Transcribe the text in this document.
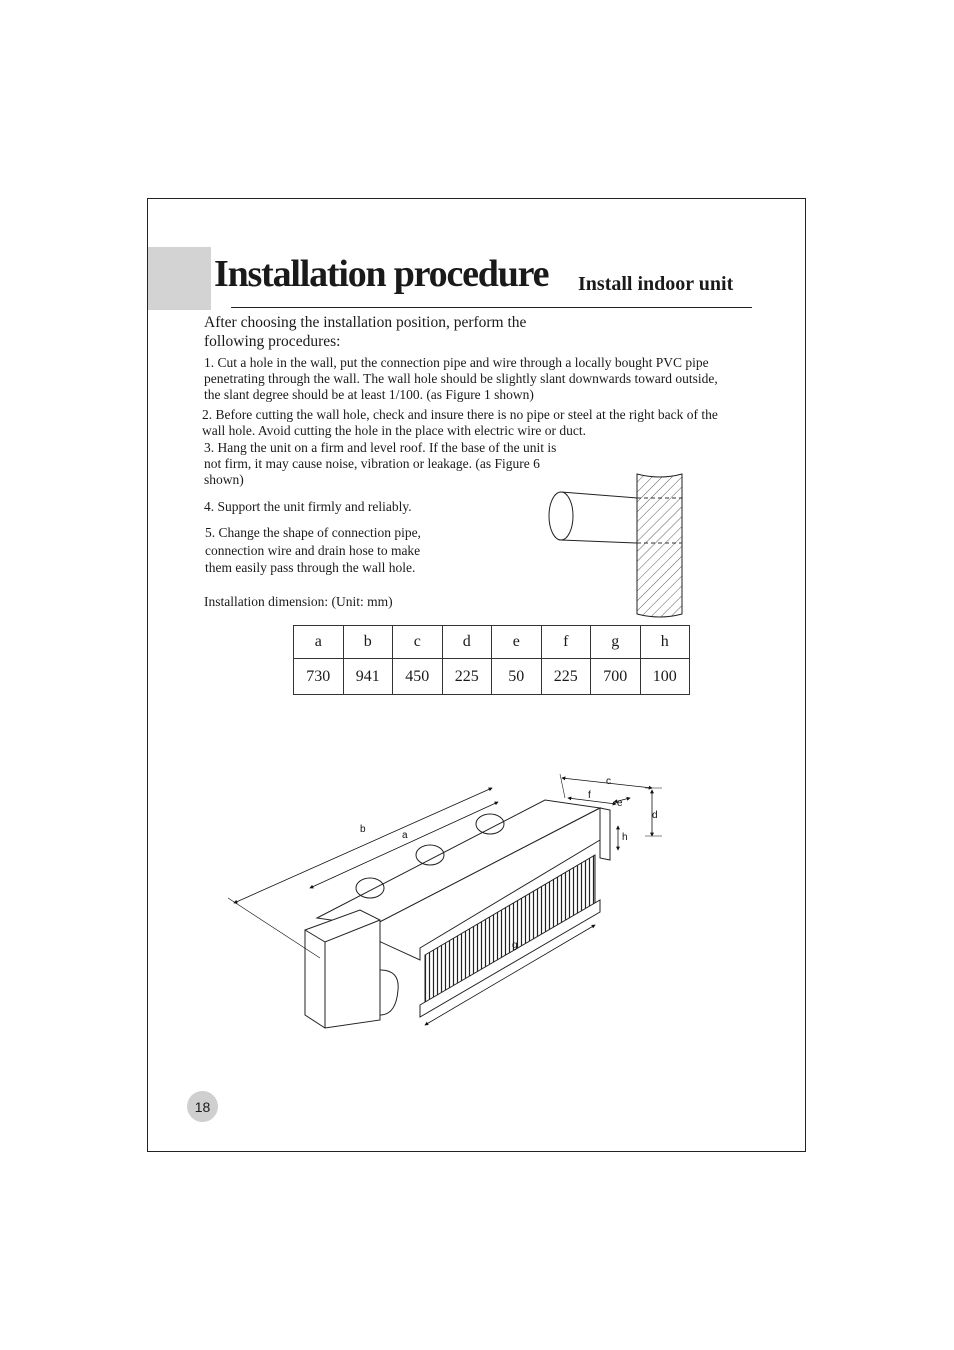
Installation procedure Install indoor unit

After choosing the installation position, perform the following procedures:

1. Cut a hole in the wall, put the connection pipe and wire through a locally bought PVC pipe penetrating through the wall. The wall hole should be slightly slant downwards toward outside, the slant degree should be at least 1/100. (as Figure 1 shown)

2. Before cutting the wall hole, check and insure there is no pipe or steel at the right back of the wall hole. Avoid cutting the hole in the place with electric wire or duct.

3. Hang the unit on a firm and level roof. If the base of the unit is not firm, it may cause noise, vibration or leakage. (as Figure 6 shown)

4. Support the unit firmly and reliably.

5. Change the shape of connection pipe, connection wire and drain hose to make them easily pass through the wall hole.

Installation dimension: (Unit: mm)

a	b	c	d	e	f	g	h
730	941	450	225	50	225	700	100
b
a
c
f
e
d
h
g
18
